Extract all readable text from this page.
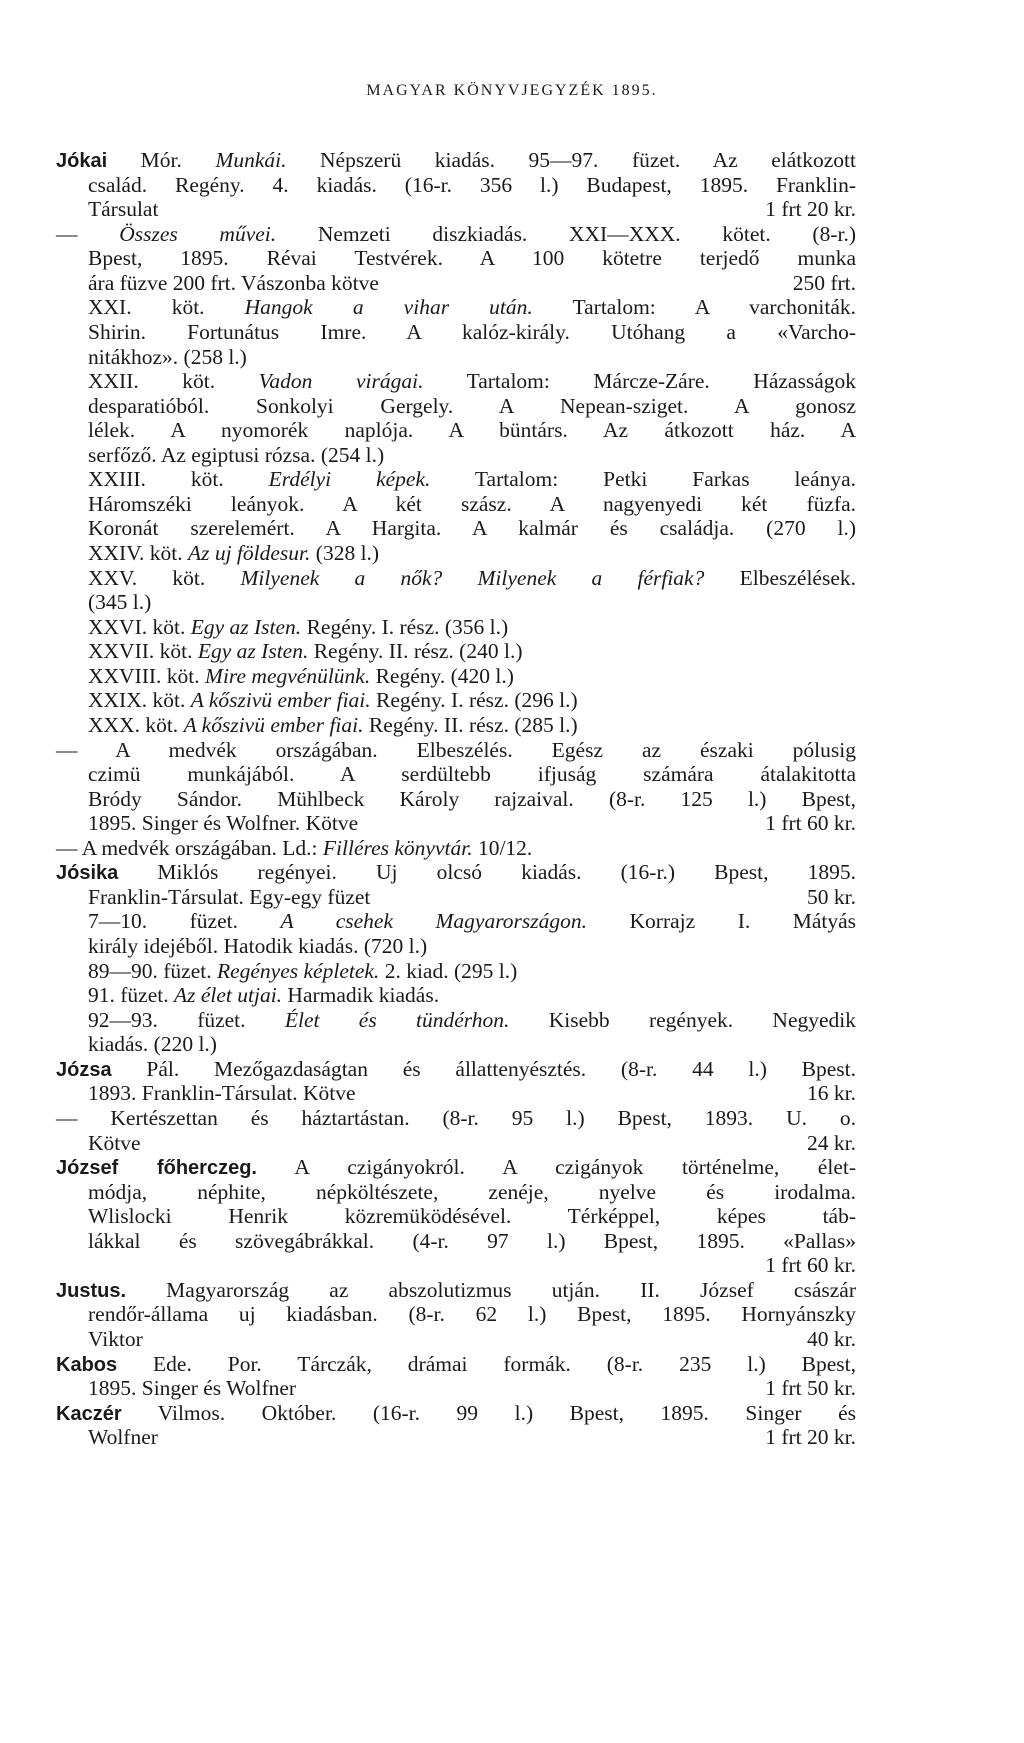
MAGYAR KÖNYVJEGYZÉK 1895.
Jókai Mór. Munkái. Népszerü kiadás. 95—97. füzet. Az elátkozott
család. Regény. 4. kiadás. (16-r. 356 l.) Budapest, 1895. Franklin-
Társulat	1 frt 20 kr.
— Összes művei. Nemzeti diszkiadás. XXI—XXX. kötet. (8-r.)
Bpest, 1895. Révai Testvérek. A 100 kötetre terjedő munka
ára füzve 200 frt. Vászonba kötve	250 frt.
XXI. köt. Hangok a vihar után. Tartalom: A varchoniták.
Shirin. Fortunátus Imre. A kalóz-király. Utóhang a «Varcho-
nitákhoz». (258 l.)
XXII. köt. Vadon virágai. Tartalom: Márcze-Záre. Házasságok
desparatióból. Sonkolyi Gergely. A Nepean-sziget. A gonosz
lélek. A nyomorék naplója. A büntárs. Az átkozott ház. A
serfőző. Az egiptusi rózsa. (254 l.)
XXIII. köt. Erdélyi képek. Tartalom: Petki Farkas leánya.
Háromszéki leányok. A két szász. A nagyenyedi két füzfa.
Koronát szerelemért. A Hargita. A kalmár és családja. (270 l.)
XXIV. köt. Az uj földesur. (328 l.)
XXV. köt. Milyenek a nők? Milyenek a férfiak? Elbeszélések.
(345 l.)
XXVI. köt. Egy az Isten. Regény. I. rész. (356 l.)
XXVII. köt. Egy az Isten. Regény. II. rész. (240 l.)
XXVIII. köt. Mire megvénülünk. Regény. (420 l.)
XXIX. köt. A kőszivü ember fiai. Regény. I. rész. (296 l.)
XXX. köt. A kőszivü ember fiai. Regény. II. rész. (285 l.)
— A medvék országában. Elbeszélés. Egész az északi pólusig
czimü munkájából. A serdültebb ifjuság számára átalakitotta
Bródy Sándor. Mühlbeck Károly rajzaival. (8-r. 125 l.) Bpest,
1895. Singer és Wolfner. Kötve	1 frt 60 kr.
— A medvék országában. Ld.: Filléres könyvtár. 10/12.
Jósika Miklós regényei. Uj olcsó kiadás. (16-r.) Bpest, 1895.
Franklin-Társulat. Egy-egy füzet	50 kr.
7—10. füzet. A csehek Magyarországon. Korrajz I. Mátyás
király idejéből. Hatodik kiadás. (720 l.)
89—90. füzet. Regényes képletek. 2. kiad. (295 l.)
91. füzet. Az élet utjai. Harmadik kiadás.
92—93. füzet. Élet és tündérhon. Kisebb regények. Negyedik
kiadás. (220 l.)
Józsa Pál. Mezőgazdaságtan és állattenyésztés. (8-r. 44 l.) Bpest.
1893. Franklin-Társulat. Kötve	16 kr.
— Kertészettan és háztartástan. (8-r. 95 l.) Bpest, 1893. U. o.
Kötve	24 kr.
József főherczeg. A czigányokról. A czigányok történelme, élet-
módja, néphite, népköltészete, zenéje, nyelve és irodalma.
Wlislocki Henrik közremüködésével. Térképpel, képes táb-
lákkal és szövegábrákkal. (4-r. 97 l.) Bpest, 1895. «Pallas»
1 frt 60 kr.
Justus. Magyarország az abszolutizmus utján. II. József császár
rendőr-állama uj kiadásban. (8-r. 62 l.) Bpest, 1895. Hornyánszky
Viktor	40 kr.
Kabos Ede. Por. Tárczák, drámai formák. (8-r. 235 l.) Bpest,
1895. Singer és Wolfner	1 frt 50 kr.
Kaczér Vilmos. Október. (16-r. 99 l.) Bpest, 1895. Singer és
Wolfner	1 frt 20 kr.
